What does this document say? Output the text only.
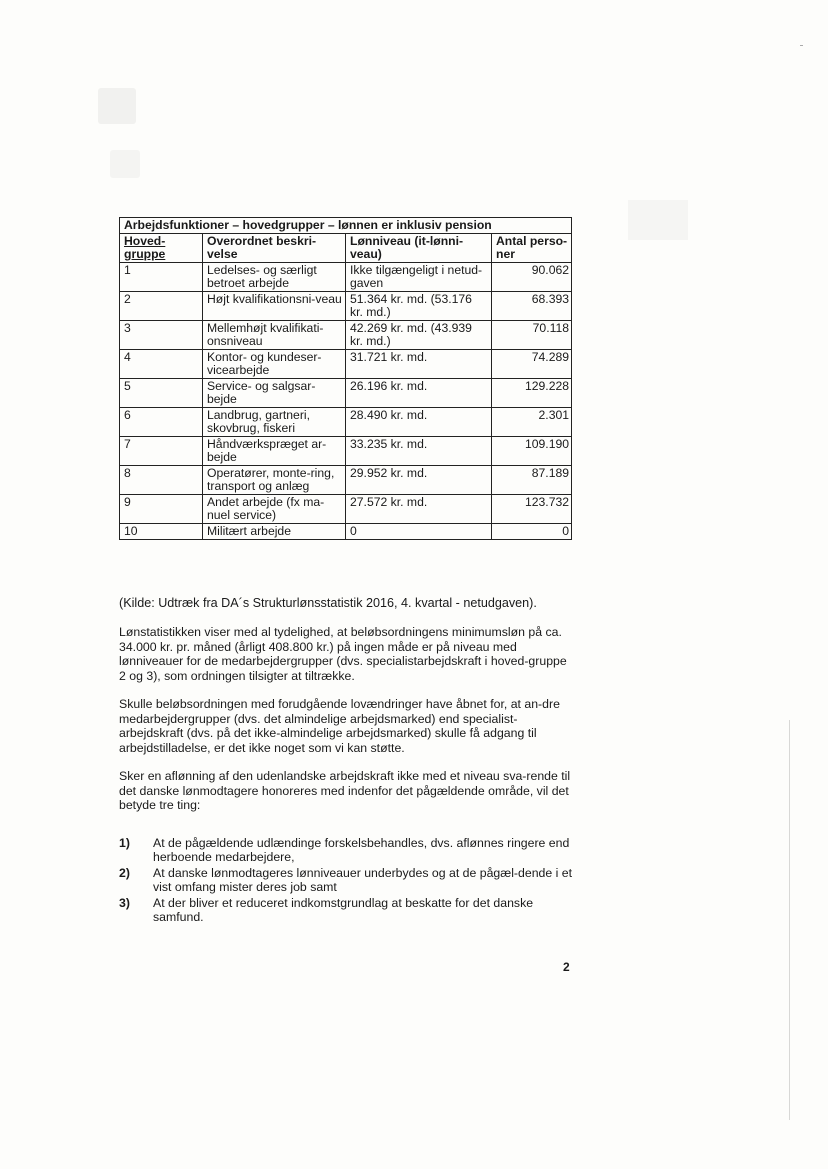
Arbejdsfunktioner – hovedgrupper – lønnen er inklusiv pension			
Hoved-gruppe	Overordnet beskri-velse	Lønniveau (it-lønni-veau)	Antal perso-ner
1	Ledelses- og særligt betroet arbejde	Ikke tilgængeligt i netud-gaven	90.062
2	Højt kvalifikationsni-veau	51.364 kr. md. (53.176 kr. md.)	68.393
3	Mellemhøjt kvalifikati-onsniveau	42.269 kr. md. (43.939 kr. md.)	70.118
4	Kontor- og kundeser-vicearbejde	31.721 kr. md.	74.289
5	Service- og salgsar-bejde	26.196 kr. md.	129.228
6	Landbrug, gartneri, skovbrug, fiskeri	28.490 kr. md.	2.301
7	Håndværkspræget ar-bejde	33.235 kr. md.	109.190
8	Operatører, monte-ring, transport og anlæg	29.952 kr. md.	87.189
9	Andet arbejde (fx ma-nuel service)	27.572 kr. md.	123.732
10	Militært arbejde	0	0
(Kilde: Udtræk fra DA´s Strukturlønsstatistik 2016, 4. kvartal - netudgaven).

Lønstatistikken viser med al tydelighed, at beløbsordningens minimumsløn på ca. 34.000 kr. pr. måned (årligt 408.800 kr.) på ingen måde er på niveau med lønniveauer for de medarbejdergrupper (dvs. specialistarbejdskraft i hoved-gruppe 2 og 3), som ordningen tilsigter at tiltrække.

Skulle beløbsordningen med forudgående lovændringer have åbnet for, at an-dre medarbejdergrupper (dvs. det almindelige arbejdsmarked) end specialist-arbejdskraft (dvs. på det ikke-almindelige arbejdsmarked) skulle få adgang til arbejdstilladelse, er det ikke noget som vi kan støtte.

Sker en aflønning af den udenlandske arbejdskraft ikke med et niveau sva-rende til det danske lønmodtagere honoreres med indenfor det pågældende område, vil det betyde tre ting:

1)	At de pågældende udlændinge forskelsbehandles, dvs. aflønnes ringere end herboende medarbejdere,
2)	At danske lønmodtageres lønniveauer underbydes og at de pågæl-dende i et vist omfang mister deres job samt
3)	At der bliver et reduceret indkomstgrundlag at beskatte for det danske samfund.
2
